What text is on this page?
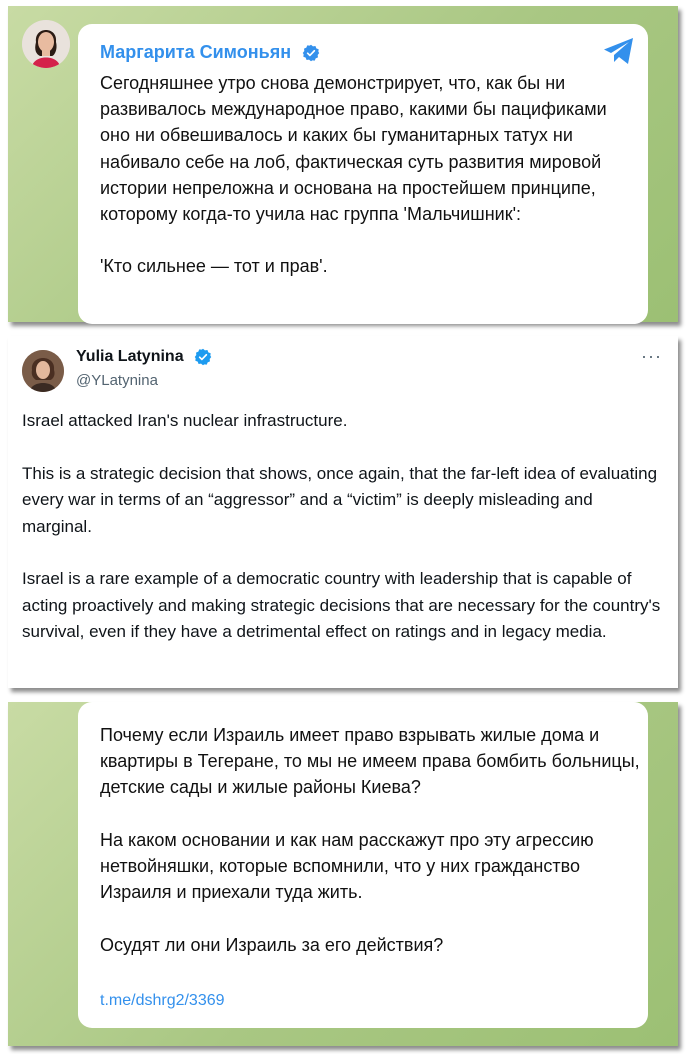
Маргарита Симоньян
Сегодняшнее утро снова демонстрирует, что, как бы ни развивалось международное право, какими бы пацификами оно ни обвешивалось и каких бы гуманитарных татух ни набивало себе на лоб, фактическая суть развития мировой истории непреложна и основана на простейшем принципе, которому когда-то учила нас группа 'Мальчишник':

'Кто сильнее — тот и прав'.
Yulia Latynina
@YLatynina
···
Israel attacked Iran's nuclear infrastructure.

This is a strategic decision that shows, once again, that the far-left idea of evaluating every war in terms of an “aggressor” and a “victim” is deeply misleading and marginal.

Israel is a rare example of a democratic country with leadership that is capable of acting proactively and making strategic decisions that are necessary for the country's survival, even if they have a detrimental effect on ratings and in legacy media.
Почему если Израиль имеет право взрывать жилые дома и квартиры в Тегеране, то мы не имеем права бомбить больницы, детские сады и жилые районы Киева?

На каком основании и как нам расскажут про эту агрессию нетвойняшки, которые вспомнили, что у них гражданство Израиля и приехали туда жить.

Осудят ли они Израиль за его действия?
t.me/dshrg2/3369
